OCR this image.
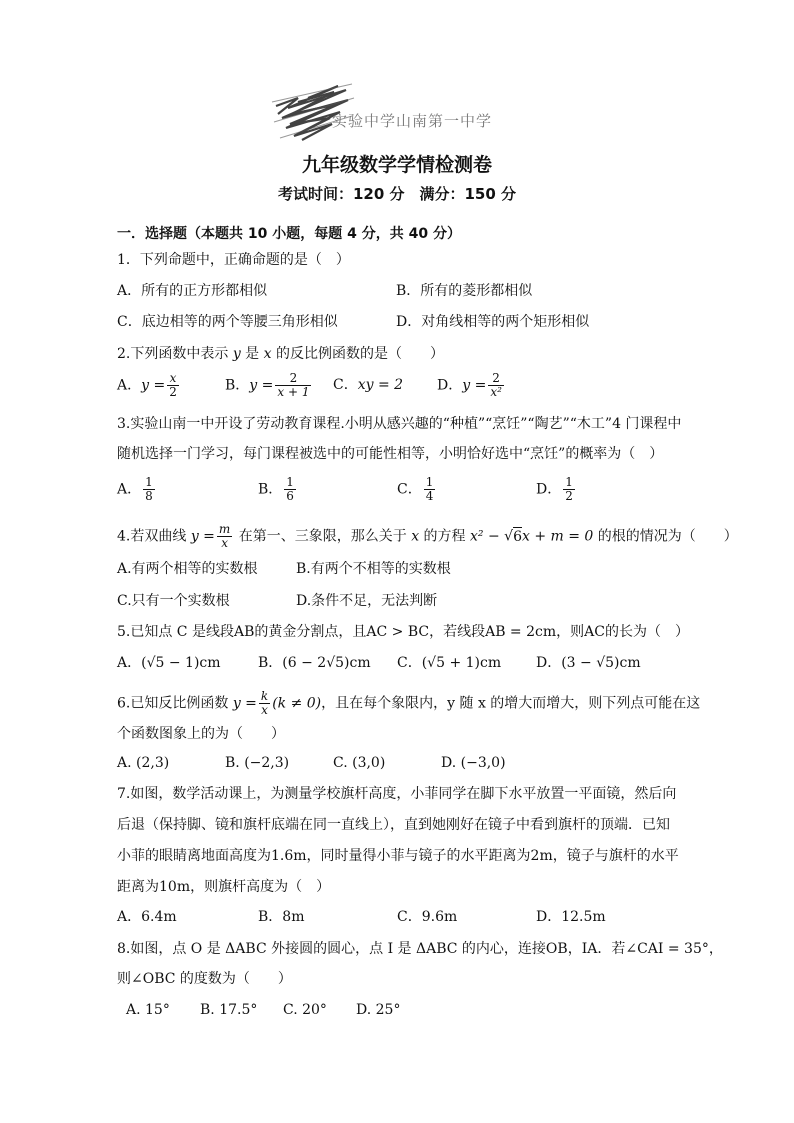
实验中学山南第一中学
九年级数学学情检测卷
考试时间：120 分　满分：150 分
一．选择题（本题共 10 小题，每题 4 分，共 40 分）
1．下列命题中，正确命题的是（　）
A．所有的正方形都相似	B．所有的菱形都相似
C．底边相等的两个等腰三角形相似	D．对角线相等的两个矩形相似
2.下列函数中表示 y 是 x 的反比例函数的是（　　）
A．$y = \frac{x}{2}$	B．$y = \frac{2}{x + 1}$ C．xy = 2 D．$y = \frac{2}{\text{x²}}$
3.实验山南一中开设了劳动教育课程.小明从感兴趣的“种植”“烹饪”“陶艺”“木工”4 门课程中
随机选择一门学习，每门课程被选中的可能性相等，小明恰好选中“烹饪”的概率为（　）
A． $\frac{1}{8}$	B． $\frac{1}{6}$	C． $\frac{1}{4}$	D． $\frac{1}{2}$
4.若双曲线 $y = \frac{m}{x}$ 在第一、三象限，那么关于 x 的方程 x² − √6x + m = 0 的根的情况为（　　）
A.有两个相等的实数根	B.有两个不相等的实数根
C.只有一个实数根	D.条件不足，无法判断
5.已知点 C 是线段AB的黄金分割点，且AC > BC，若线段AB = 2cm，则AC的长为（　）
A．(√5 − 1)cm	B．(6 − 2√5)cm C．(√5 + 1)cm D．(3 − √5)cm
6.已知反比例函数 $y = \frac{k}{x} (k \ne 0)$，且在每个象限内，y 随 x 的增大而增大，则下列点可能在这
个函数图象上的为（　　）
A. (2,3)	B. (−2,3)	C. (3,0)	D. (−3,0)
7.如图，数学活动课上，为测量学校旗杆高度，小菲同学在脚下水平放置一平面镜，然后向
后退（保持脚、镜和旗杆底端在同一直线上），直到她刚好在镜子中看到旗杆的顶端．已知
小菲的眼睛离地面高度为1.6m，同时量得小菲与镜子的水平距离为2m，镜子与旗杆的水平
距离为10m，则旗杆高度为（　）
A．6.4m	B．8m	C．9.6m	D．12.5m
8.如图，点 O 是 ΔABC 外接圆的圆心，点 I 是 ΔABC 的内心，连接OB，IA．若∠CAI = 35°，
则∠OBC 的度数为（　　）
A. 15° B. 17.5° C. 20° D. 25°
